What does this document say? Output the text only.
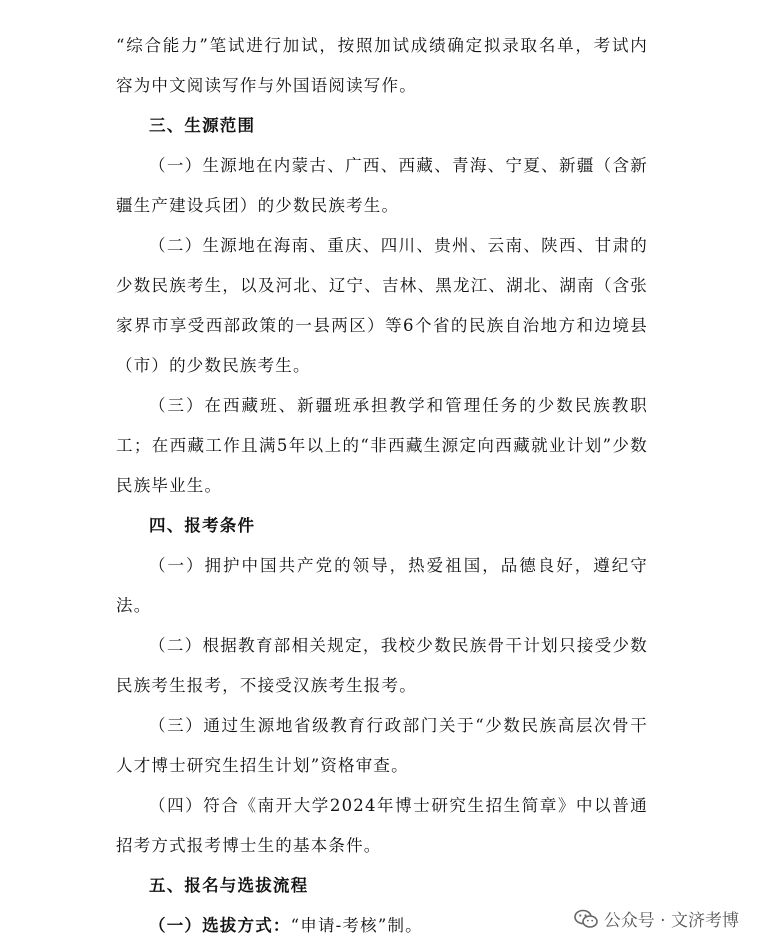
“综合能力”笔试进行加试，按照加试成绩确定拟录取名单，考试内容为中文阅读写作与外国语阅读写作。

三、生源范围

（一）生源地在内蒙古、广西、西藏、青海、宁夏、新疆（含新疆生产建设兵团）的少数民族考生。

（二）生源地在海南、重庆、四川、贵州、云南、陕西、甘肃的少数民族考生，以及河北、辽宁、吉林、黑龙江、湖北、湖南（含张家界市享受西部政策的一县两区）等6个省的民族自治地方和边境县（市）的少数民族考生。

（三）在西藏班、新疆班承担教学和管理任务的少数民族教职工；在西藏工作且满5年以上的“非西藏生源定向西藏就业计划”少数民族毕业生。

四、报考条件

（一）拥护中国共产党的领导，热爱祖国，品德良好，遵纪守法。

（二）根据教育部相关规定，我校少数民族骨干计划只接受少数民族考生报考，不接受汉族考生报考。

（三）通过生源地省级教育行政部门关于“少数民族高层次骨干人才博士研究生招生计划”资格审查。

（四）符合《南开大学2024年博士研究生招生简章》中以普通招考方式报考博士生的基本条件。

五、报名与选拔流程

（一）选拔方式：“申请-考核”制。	公众号 · 文济考博
